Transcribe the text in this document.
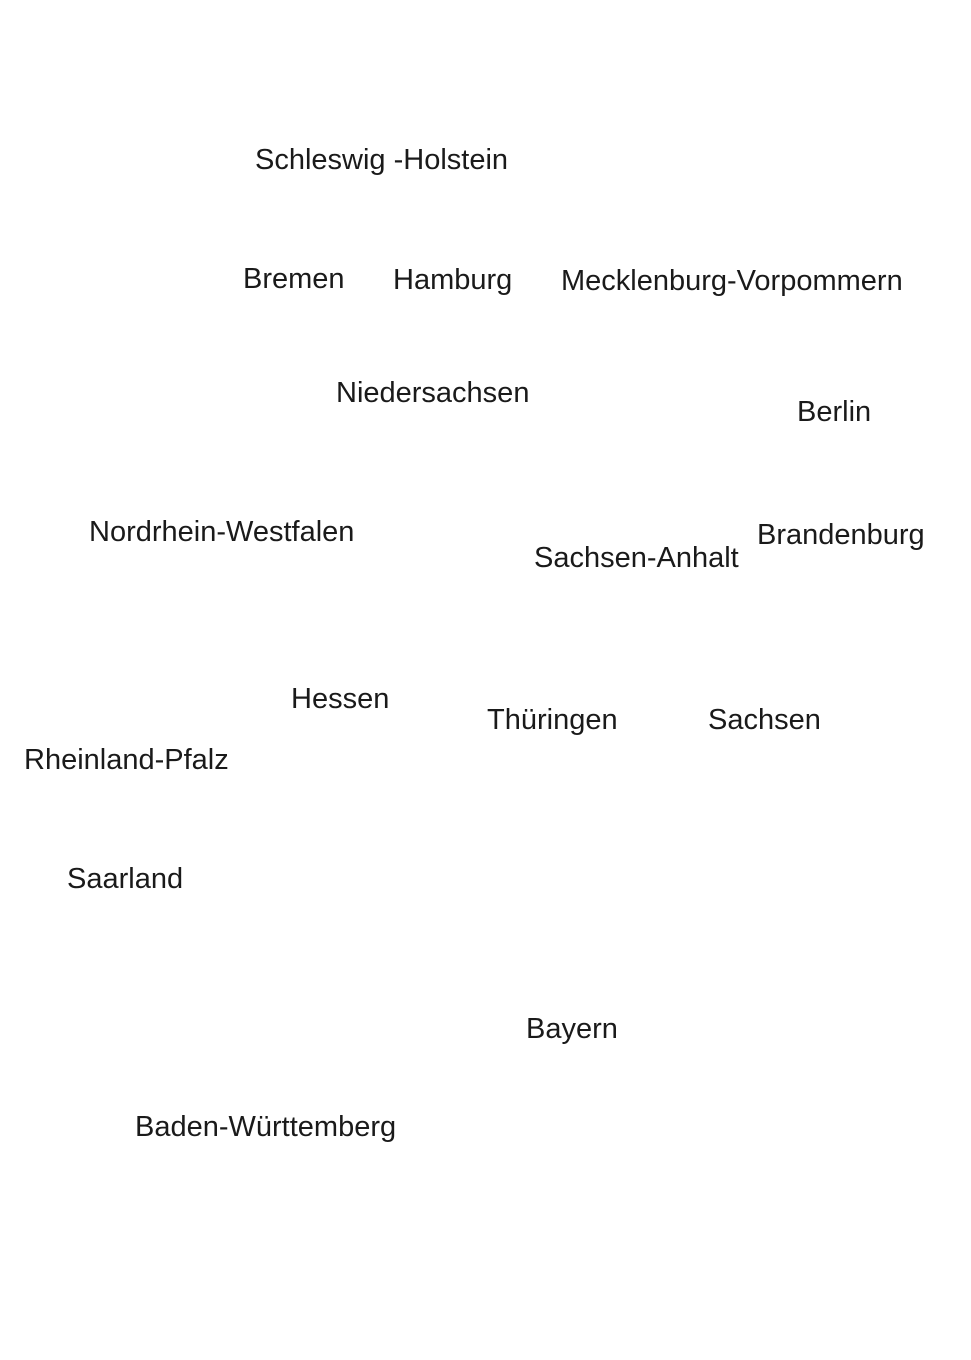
Schleswig -Holstein

Bremen Hamburg Mecklenburg-Vorpommern

Niedersachsen

Berlin

Nordrhein-Westfalen

Sachsen-Anhalt

Brandenburg

Hessen

Thüringen	Sachsen

Rheinland-Pfalz

Saarland

Bayern

Baden-Württemberg
